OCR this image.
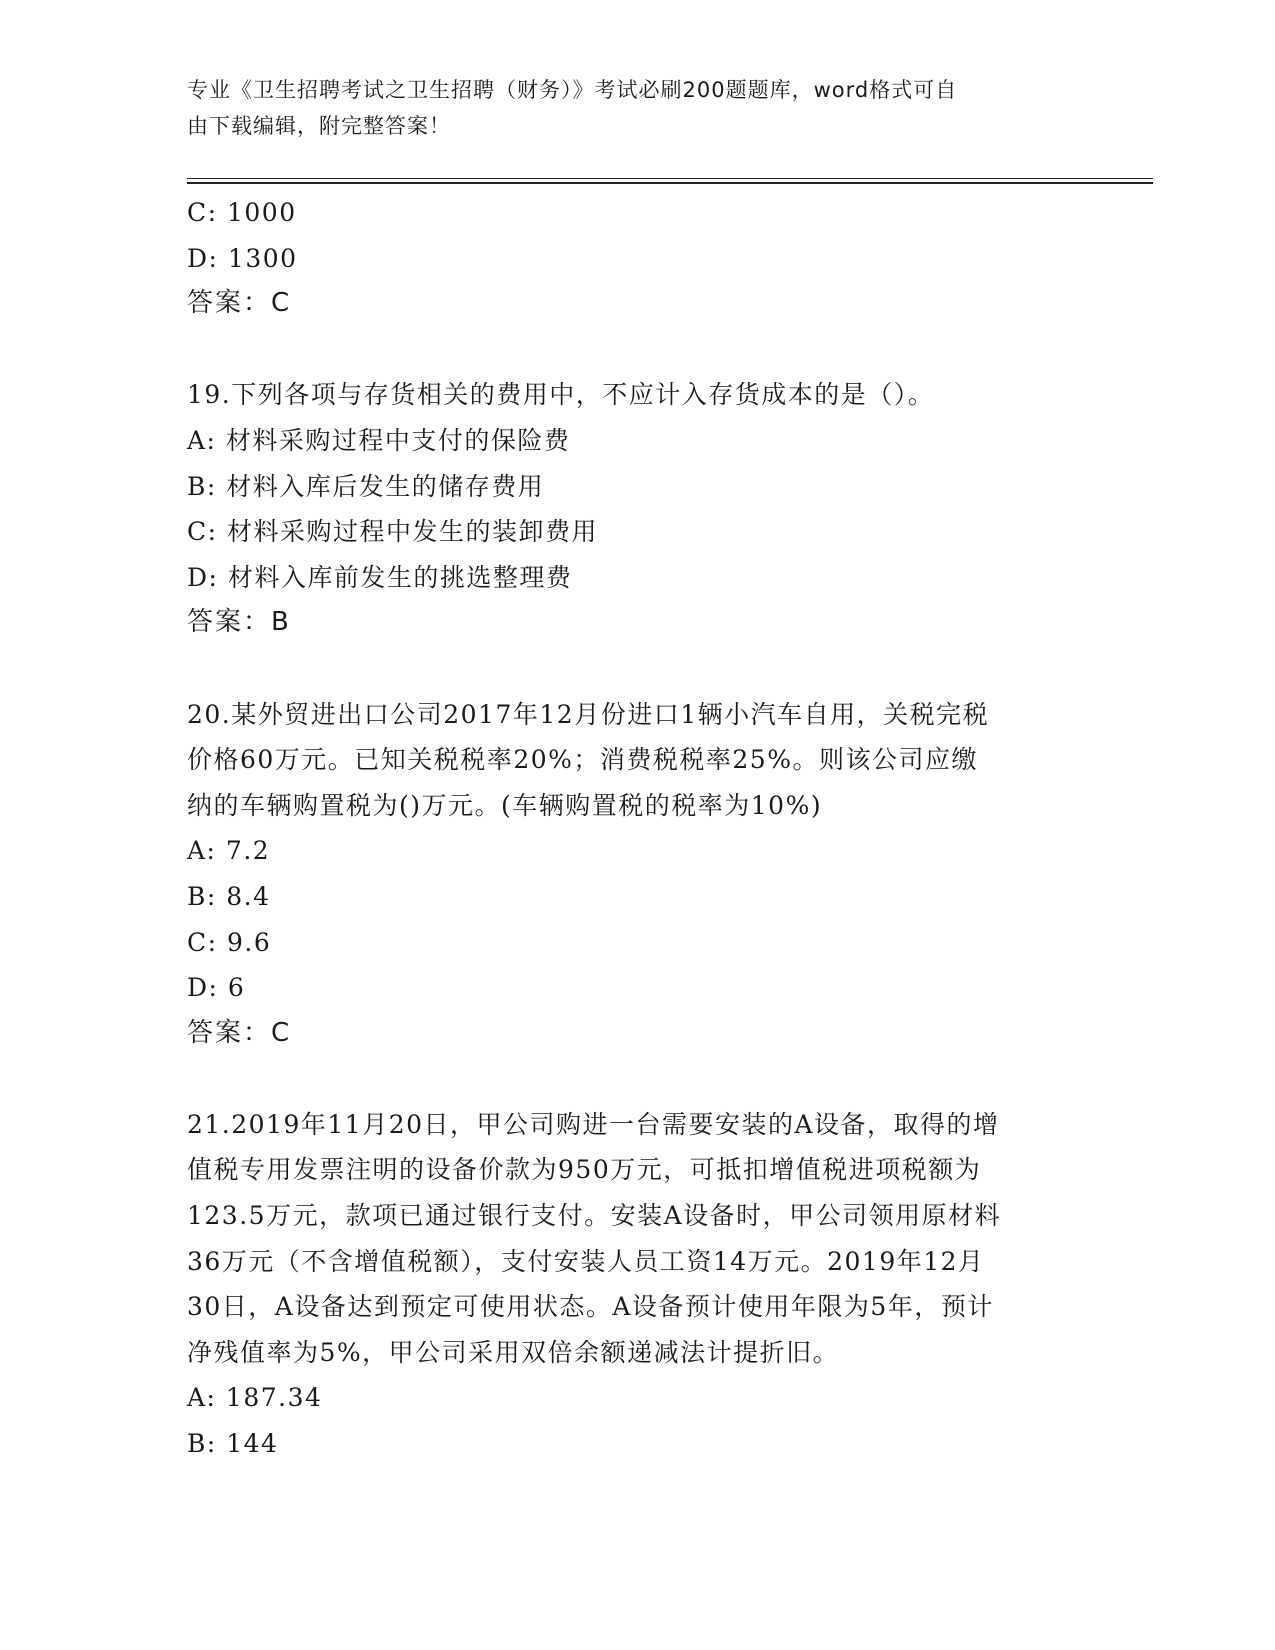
专业《卫生招聘考试之卫生招聘（财务）》考试必刷200题题库，word格式可自
由下载编辑，附完整答案！
C: 1000
D: 1300
答案：C
19.下列各项与存货相关的费用中，不应计入存货成本的是（）。
A: 材料采购过程中支付的保险费
B: 材料入库后发生的储存费用
C: 材料采购过程中发生的装卸费用
D: 材料入库前发生的挑选整理费
答案：B
20.某外贸进出口公司2017年12月份进口1辆小汽车自用，关税完税
价格60万元。已知关税税率20%；消费税税率25%。则该公司应缴
纳的车辆购置税为()万元。(车辆购置税的税率为10%)
A: 7.2
B: 8.4
C: 9.6
D: 6
答案：C
21.2019年11月20日，甲公司购进一台需要安装的A设备，取得的增
值税专用发票注明的设备价款为950万元，可抵扣增值税进项税额为
123.5万元，款项已通过银行支付。安装A设备时，甲公司领用原材料
36万元（不含增值税额），支付安装人员工资14万元。2019年12月
30日，A设备达到预定可使用状态。A设备预计使用年限为5年，预计
净残值率为5%，甲公司采用双倍余额递减法计提折旧。
A: 187.34
B: 144
